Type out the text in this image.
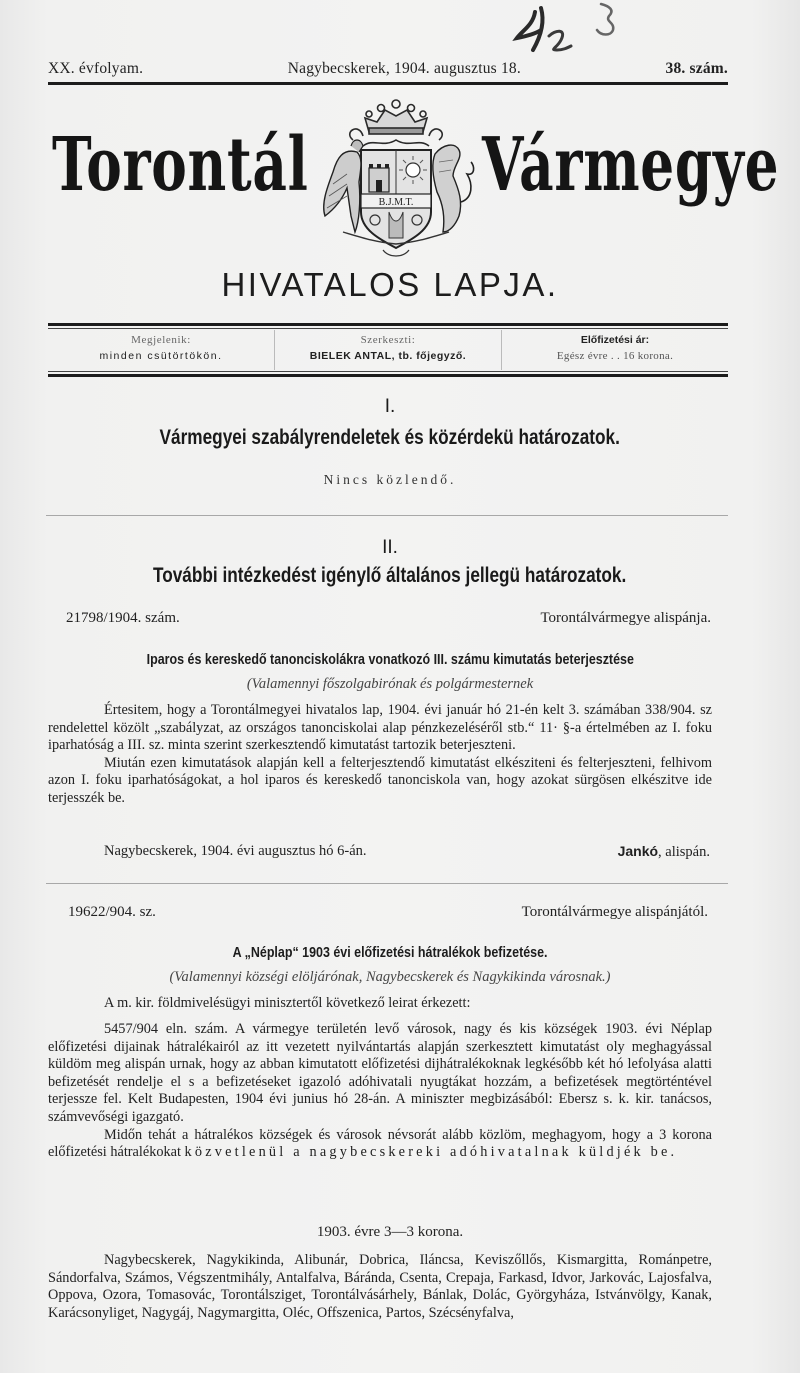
XX. évfolyam.	Nagybecskerek, 1904. augusztus 18.	38. szám.
Torontál	B.J.M.T. Vármegye
HIVATALOS LAPJA.
Megjelenik:
minden csütörtökön.
Szerkeszti:
BIELEK ANTAL, tb. főjegyző.
Előfizetési ár:
Egész évre . . 16 korona.
I.
Vármegyei szabályrendeletek és közérdekü határozatok.
Nincs közlendő.
II.
További intézkedést igénylő általános jellegü határozatok.
21798/1904. szám.	Torontálvármegye alispánja.
Iparos és kereskedő tanonciskolákra vonatkozó III. számu kimutatás beterjesztése
(Valamennyi főszolgabirónak és polgármesternek

Értesitem, hogy a Torontálmegyei hivatalos lap, 1904. évi január hó 21-én kelt 3. számában 338/904. sz rendelettel közölt „szabályzat, az országos tanonciskolai alap pénzkezeléséről stb.“ 11· §-a értelmében az I. foku iparhatóság a III. sz. minta szerint szerkesztendő kimutatást tartozik beterjeszteni.

Miután ezen kimutatások alapján kell a felterjesztendő kimutatást elkésziteni és felterjeszteni, felhivom azon I. foku iparhatóságokat, a hol iparos és kereskedő tanonciskola van, hogy azokat sürgösen elkészitve ide terjesszék be.

Nagybecskerek, 1904. évi augusztus hó 6-án.	Jankó, alispán.
19622/904. sz.	Torontálvármegye alispánjától.
A „Néplap“ 1903 évi előfizetési hátralékok befizetése.
(Valamennyi községi elöljárónak, Nagybecskerek és Nagykikinda városnak.)

A m. kir. földmivelésügyi minisztertől következő leirat érkezett:

5457/904 eln. szám. A vármegye területén levő városok, nagy és kis községek 1903. évi Néplap előfizetési dijainak hátralékairól az itt vezetett nyilvántartás alapján szerkesztett kimutatást oly meghagyással küldöm meg alispán urnak, hogy az abban kimutatott előfizetési dijhátralékoknak legkésőbb két hó lefolyása alatti befizetését rendelje el s a befizetéseket igazoló adóhivatali nyugtákat hozzám, a befizetések megtörténtével terjessze fel. Kelt Budapesten, 1904 évi junius hó 28-án. A miniszter megbizásából: Ebersz s. k. kir. tanácsos, számvevőségi igazgató.

Midőn tehát a hátralékos községek és városok névsorát alább közlöm, meghagyom, hogy a 3 korona előfizetési hátralékokat közvetlenül a nagybecskereki adóhivatalnak küldjék be.

1903. évre 3—3 korona.

Nagybecskerek, Nagykikinda, Alibunár, Dobrica, Iláncsa, Keviszőllős, Kismargitta, Románpetre, Sándorfalva, Számos, Végszentmihály, Antalfalva, Báránda, Csenta, Crepaja, Farkasd, Idvor, Jarkovác, Lajosfalva, Oppova, Ozora, Tomasovác, Torontálsziget, Torontálvásárhely, Bánlak, Dolác, Györgyháza, Istvánvölgy, Kanak, Karácsonyliget, Nagygáj, Nagymargitta, Oléc, Offszenica, Partos, Szécsényfalva,
